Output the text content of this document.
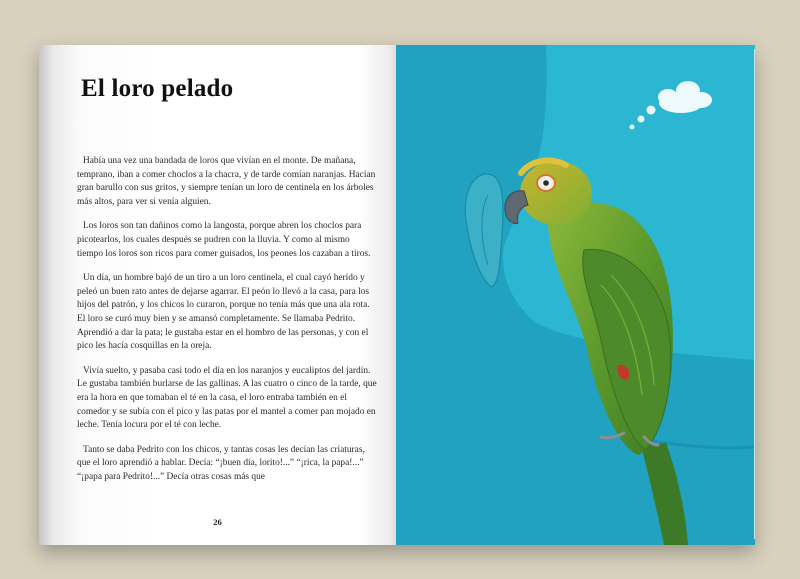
El loro pelado

Había una vez una bandada de loros que vivían en el monte. De mañana, temprano, iban a comer choclos a la chacra, y de tarde comían naranjas. Hacían gran barullo con sus gritos, y siempre tenían un loro de centinela en los árboles más altos, para ver si venía alguien.

Los loros son tan dañinos como la langosta, porque abren los choclos para picotearlos, los cuales después se pudren con la lluvia. Y como al mismo tiempo los loros son ricos para comer guisados, los peones los cazaban a tiros.

Un día, un hombre bajó de un tiro a un loro centinela, el cual cayó herido y peleó un buen rato antes de dejarse agarrar. El peón lo llevó a la casa, para los hijos del patrón, y los chicos lo curaron, porque no tenía más que una ala rota. El loro se curó muy bien y se amansó completamente. Se llamaba Pedrito. Aprendió a dar la pata; le gustaba estar en el hombro de las personas, y con el pico les hacía cosquillas en la oreja.

Vivía suelto, y pasaba casi todo el día en los naranjos y eucaliptos del jardín. Le gustaba también burlarse de las gallinas. A las cuatro o cinco de la tarde, que era la hora en que tomaban el té en la casa, el loro entraba también en el comedor y se subía con el pico y las patas por el mantel a comer pan mojado en leche. Tenía locura por el té con leche.

Tanto se daba Pedrito con los chicos, y tantas cosas les decían las criaturas, que el loro aprendió a hablar. Decía: “¡buen día, lorito!...” “¡rica, la papa!...” “¡papa para Pedrito!...” Decía otras cosas más que

26
